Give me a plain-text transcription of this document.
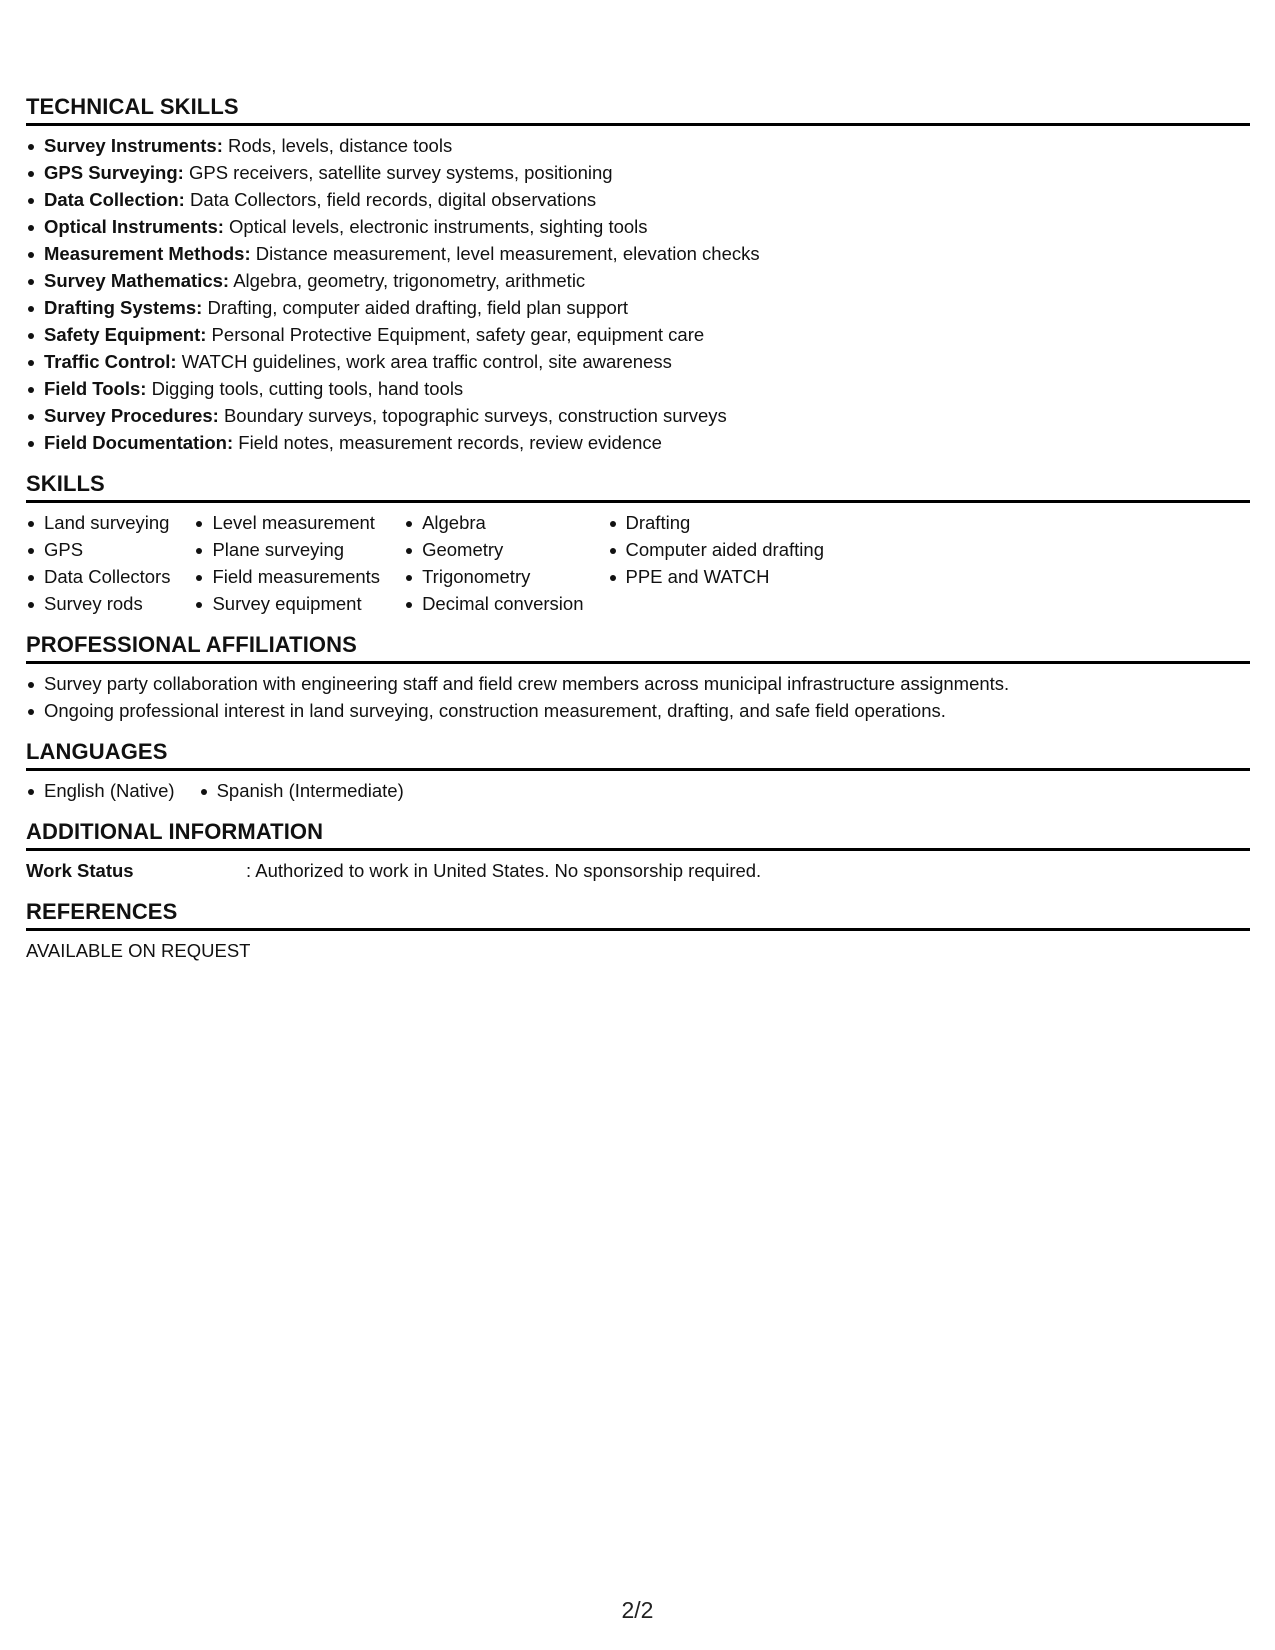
TECHNICAL SKILLS
Survey Instruments: Rods, levels, distance tools
GPS Surveying: GPS receivers, satellite survey systems, positioning
Data Collection: Data Collectors, field records, digital observations
Optical Instruments: Optical levels, electronic instruments, sighting tools
Measurement Methods: Distance measurement, level measurement, elevation checks
Survey Mathematics: Algebra, geometry, trigonometry, arithmetic
Drafting Systems: Drafting, computer aided drafting, field plan support
Safety Equipment: Personal Protective Equipment, safety gear, equipment care
Traffic Control: WATCH guidelines, work area traffic control, site awareness
Field Tools: Digging tools, cutting tools, hand tools
Survey Procedures: Boundary surveys, topographic surveys, construction surveys
Field Documentation: Field notes, measurement records, review evidence
SKILLS
Land surveying
GPS
Data Collectors
Survey rods
Level measurement
Plane surveying
Field measurements
Survey equipment
Algebra
Geometry
Trigonometry
Decimal conversion
Drafting
Computer aided drafting
PPE and WATCH
PROFESSIONAL AFFILIATIONS
Survey party collaboration with engineering staff and field crew members across municipal infrastructure assignments.
Ongoing professional interest in land surveying, construction measurement, drafting, and safe field operations.
LANGUAGES
English (Native)	Spanish (Intermediate)
ADDITIONAL INFORMATION
Work Status	: Authorized to work in United States. No sponsorship required.
REFERENCES
AVAILABLE ON REQUEST
2/2
